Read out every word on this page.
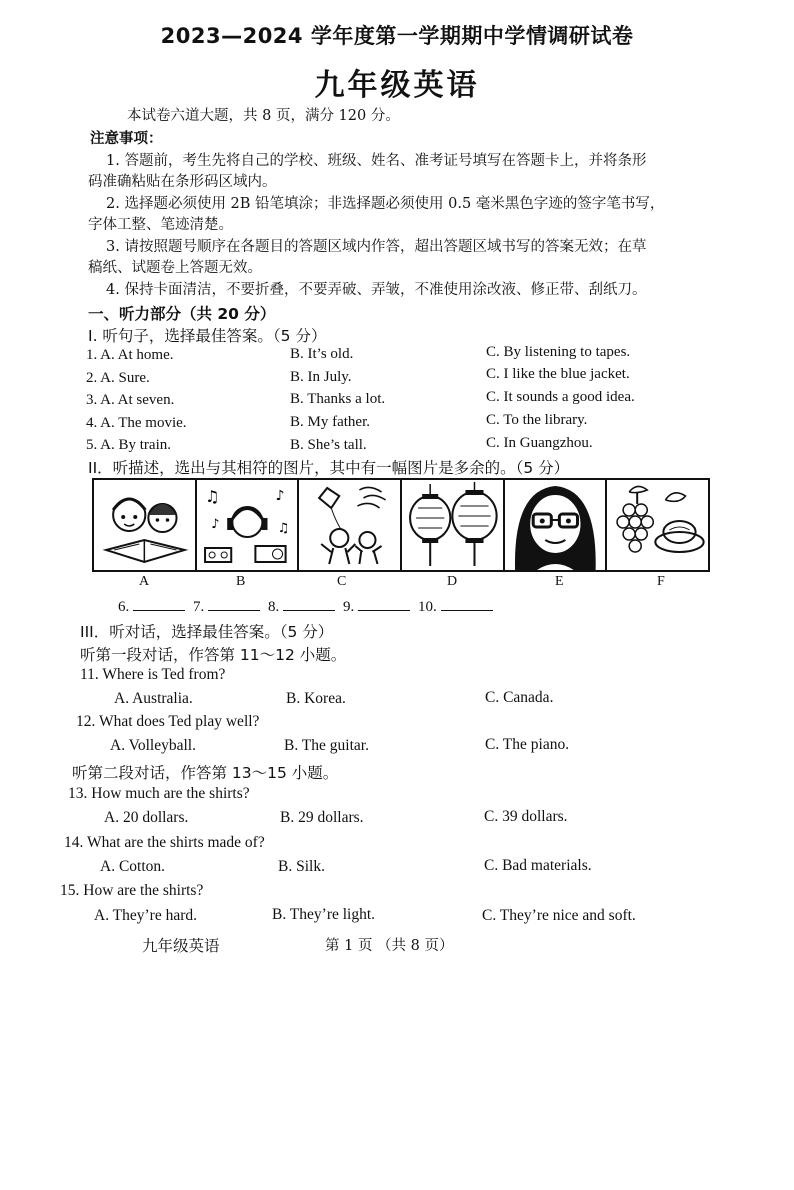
2023—2024 学年度第一学期期中学情调研试卷
九年级英语
本试卷六道大题，共 8 页，满分 120 分。
注意事项：
1. 答题前，考生先将自己的学校、班级、姓名、准考证号填写在答题卡上，并将条形
码准确粘贴在条形码区域内。
2. 选择题必须使用 2B 铅笔填涂；非选择题必须使用 0.5 毫米黑色字迹的签字笔书写，
字体工整、笔迹清楚。
3. 请按照题号顺序在各题目的答题区域内作答，超出答题区域书写的答案无效；在草
稿纸、试题卷上答题无效。
4. 保持卡面清洁，不要折叠，不要弄破、弄皱，不准使用涂改液、修正带、刮纸刀。
一、听力部分（共 20 分）
I. 听句子，选择最佳答案。（5 分）
1. A. At home.	B. It’s old.	C. By listening to tapes.
2. A. Sure.	B. In July.	C. I like the blue jacket.
3. A. At seven.	B. Thanks a lot.	C. It sounds a good idea.
4. A. The movie.	B. My father.	C. To the library.
5. A. By train.	B. She’s tall.	C. In Guangzhou.
II．听描述，选出与其相符的图片，其中有一幅图片是多余的。（5 分）
♫	♪
♪	♫
A	B	C	D	E	F
6.	7.	8.	9.	10.
III．听对话，选择最佳答案。（5 分）
听第一段对话，作答第 11～12 小题。
11. Where is Ted from?
A. Australia.	B. Korea.	C. Canada.
12. What does Ted play well?
A. Volleyball.	B. The guitar.	C. The piano.
听第二段对话，作答第 13～15 小题。
13. How much are the shirts?
A. 20 dollars.	B. 29 dollars.	C. 39 dollars.
14. What are the shirts made of?
A. Cotton.	B. Silk.	C. Bad materials.
15. How are the shirts?
A. They’re hard.	B. They’re light.	C. They’re nice and soft.
九年级英语	第 1 页 （共 8 页）
